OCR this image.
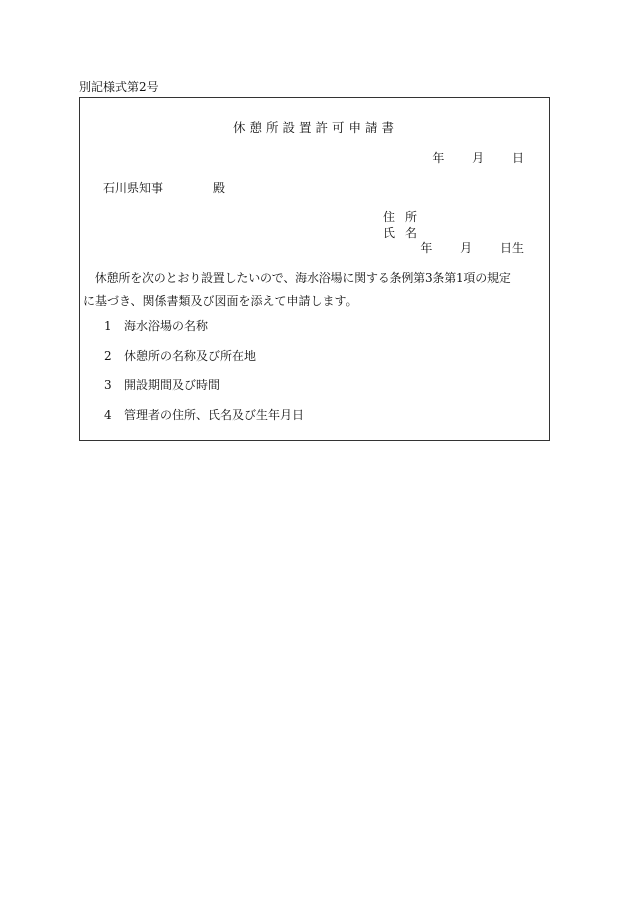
別記様式第2号
休憩所設置許可申請書
年 月 日
石川県知事	殿
住所
氏名
年 月 日生
　休憩所を次のとおり設置したいので、海水浴場に関する条例第3条第1項の規定
に基づき、関係書類及び図面を添えて申請します。
1 海水浴場の名称
2 休憩所の名称及び所在地
3 開設期間及び時間
4 管理者の住所、氏名及び生年月日
